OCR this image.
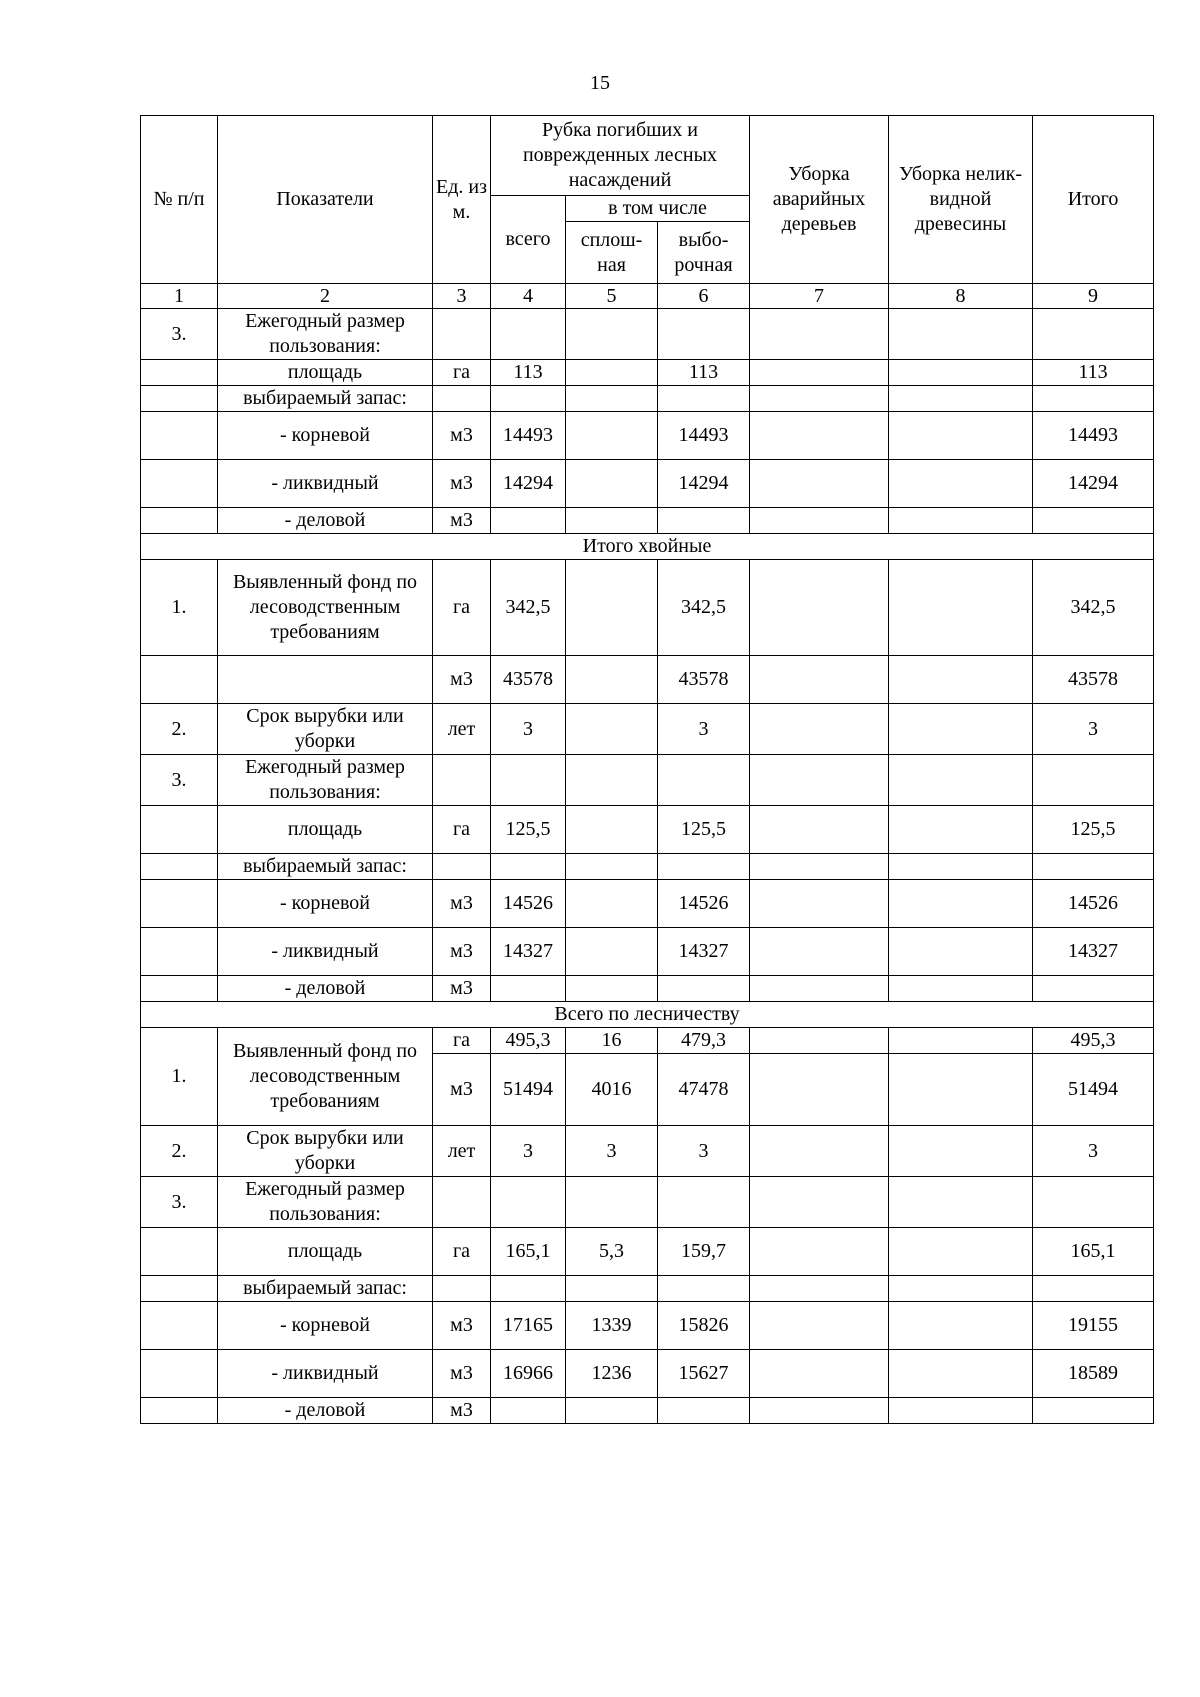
15
№ п/п	Показатели	Ед. изм.	Рубка погибших и поврежденных лесных насаждений			Уборка аварийных деревьев	Уборка нелик-видной древесины	Итого
			всего	в том числе				
				сплош-ная	выбо-рочная			
1	2	3	4	5	6	7	8	9
3.	Ежегодный размер пользования:							
	площадь	га	113		113			113
	выбираемый запас:							
	- корневой	м3	14493		14493			14493
	- ликвидный	м3	14294		14294			14294
	- деловой	м3						
Итого хвойные								
1.	Выявленный фонд по лесоводственным требованиям	га	342,5		342,5			342,5
		м3	43578		43578			43578
2.	Срок вырубки или уборки	лет	3		3			3
3.	Ежегодный размер пользования:							
	площадь	га	125,5		125,5			125,5
	выбираемый запас:							
	- корневой	м3	14526		14526			14526
	- ликвидный	м3	14327		14327			14327
	- деловой	м3						
Всего по лесничеству								
1.	Выявленный фонд по лесоводственным требованиям	га	495,3	16	479,3			495,3
		м3	51494	4016	47478			51494
2.	Срок вырубки или уборки	лет	3	3	3			3
3.	Ежегодный размер пользования:							
	площадь	га	165,1	5,3	159,7			165,1
	выбираемый запас:							
	- корневой	м3	17165	1339	15826			19155
	- ликвидный	м3	16966	1236	15627			18589
	- деловой	м3						
